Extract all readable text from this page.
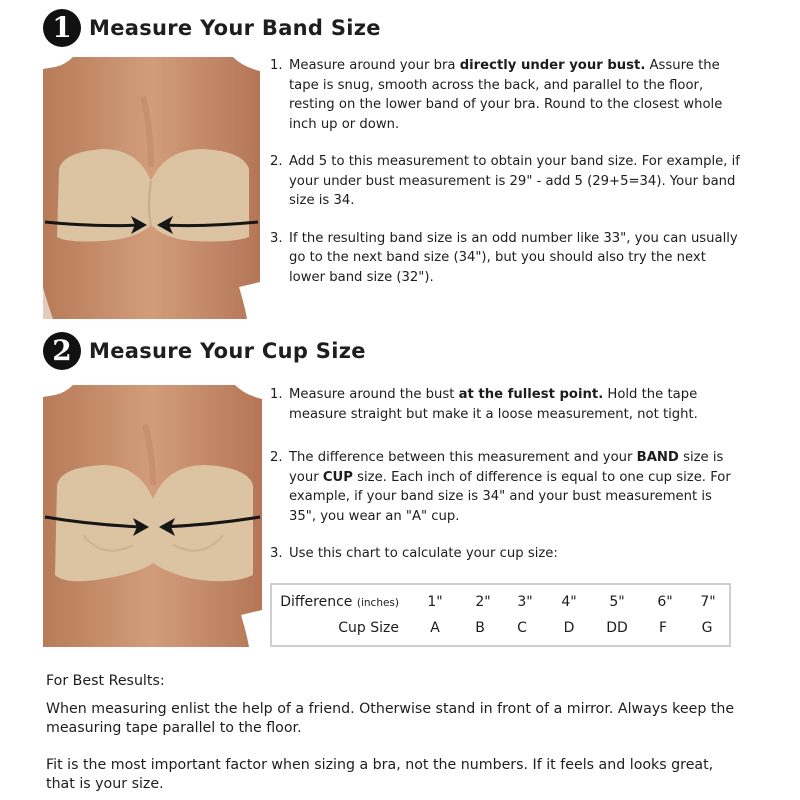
1 Measure Your Band Size
1. Measure around your bra directly under your bust. Assure the tape is snug, smooth across the back, and parallel to the floor, resting on the lower band of your bra. Round to the closest whole inch up or down.
2. Add 5 to this measurement to obtain your band size. For example, if your under bust measurement is 29" - add 5 (29+5=34). Your band size is 34.
3. If the resulting band size is an odd number like 33", you can usually go to the next band size (34"), but you should also try the next lower band size (32").
2 Measure Your Cup Size
1. Measure around the bust at the fullest point. Hold the tape measure straight but make it a loose measurement, not tight.
2. The difference between this measurement and your BAND size is your CUP size. Each inch of difference is equal to one cup size. For example, if your band size is 34" and your bust measurement is 35", you wear an "A" cup.
3. Use this chart to calculate your cup size:
Difference (inches)	1"	2"	3"	4"	5"	6"	7"
Cup Size	A	B	C	D	DD	F	G
For Best Results:
When measuring enlist the help of a friend. Otherwise stand in front of a mirror. Always keep the measuring tape parallel to the floor.
Fit is the most important factor when sizing a bra, not the numbers. If it feels and looks great, that is your size.
